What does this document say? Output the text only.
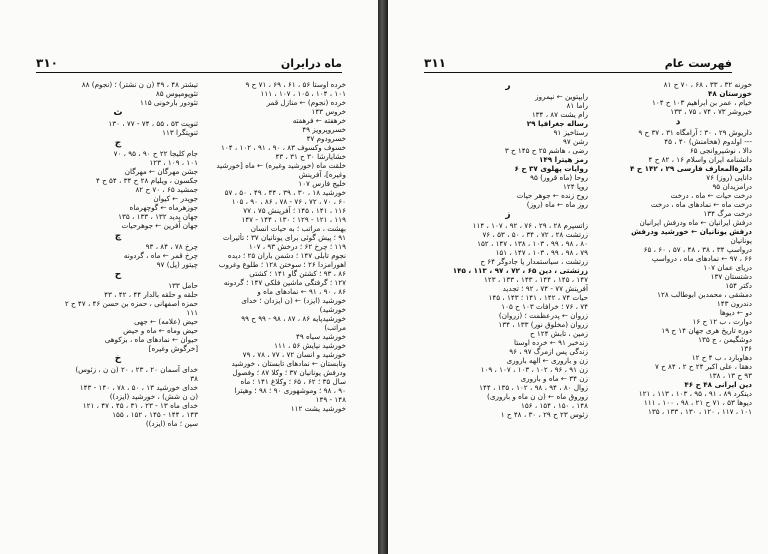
۳۱۰	ماه درایران
خرده اوستا ۵۶ ، ۶۱ ، ۶۹ ، ۷۱ ح ۹
۱۰۱ ، ۱۰۴ ، ۱۰۵ ، ۱۰۷ ، ۱۱۱
خرده (نجوم) ← منازل قمر
خروس ۱۴۳
خرهفته ← فرهفته
خسروپرویز ۴۹
خسرودوم ۴۷
خسوف وکسوف ۸۳ ، ۹۰ ، ۹۱ ، ۱۰۲ ، ۱۰۴
خشایارشا ۳۰ ح ۳۱ ، ۴۳
خلقت ماه (خورشید وغیره) ← ماه [خورشید
وغیره]، آفرینش
خلیج فارس ۱۰۷
خورشید ۱۸ ، ۳۰ ، ۳۹ ، ۴۴ ، ۴۹ ، ۵۰ ، ۵۷
۶۰ ، ۷۰ ، ۷۲ ، ۷۶ - ۷۸ ، ۸۶ ، ۹۰ ، ۱۰۵
۱۱۶ ، ۱۴۱ ، ۱۴۵ ؛ آفرینش ۷۵ ، ۷۷
۱۱۹ ، ۱۲۱ - ۱۲۹ ؛ ۱۳۰ ، ۱۴۴ - ۱۴۷
بهشت ، مراتب ؛ به حیات انسان
۹۱ ؛ پیش گوئی برای یونانیان ۳۷ ؛ تأثیرات
۱۱۹ ؛ چرخ ۶۲ ؛ درخش ۹۳ ، ۱۰۷
نجوم تابلی ۱۴۷ ؛ دشمن باران ۲۵ ؛ دیده
اهورامزدا ۲۶ ؛ سوختن ۱۲۸ ؛ طلوع وغروب
۸۶ ، ۹۳ ؛ کشتن گاو ۱۴۱ ؛ کشتی
۱۲۷ ؛ گرفتگی ماشین فلکی ۱۴۷ ؛ گردونه
۸۶ ، ۹۰ ، ۹۱ ← نمادهای ماه و
خورشید (ایزد) ← (ن ایزدان ؛ خدای
خورشید)
خورشیدپایه ۸۶ ، ۸۷ ، ۹۸ - ۹۹ ح ۹۹
مراتب)
خورشید سیاه ۴۹
خورشید نیایش ۵۶ ، ۱۱۱
خورشید و انسان ۷۲ ، ۷۷ ، ۷۸ ، ۷۹
وتابستان ← نمادهای تابستان ، خورشید
ودرفش یونانیان ۳۷ ؛ وکلا ۸۷ ؛ وفصول
سال ۳۵ ؛ ۶۲ ، ۶۵ ؛ وکلاغ ۱۴۱ ؛ ماه
۹۰ ، ۹۸ ؛ وموشهوری ۹۰ ؛ ۹۸ ؛ وهیترا
۱۴۸ - ۱۴۹
خورشید یشت ۱۱۲
تیشتر ۴۸ ، ۴۹ (ن ن نشتر) ؛ (نجوم) ۸۸
تئوپومپوس ۸۵
تئودور بارخونی ۱۱۵
ث
ثنویت ۵۳ ، ۵۵ ، ۷۴ - ۷۷ ، ۱۳۰
ثنویتگرا ۱۱۳
ج
جام کلیجا ۲۲ ح ۹۰ ، ۹۵ ، ۷۰
۱۰۱ ، ۱۰۹ ، ۱۲۳
جشن مهرگان ← مهرگان
جکسون ، ویلیام ۲۸ ح ۳۴ ، ۵۴ ح ۴
جمشید ۶۵ ، ۷۰ ح ۸۲
جوپدر ← کیوان
جوزهرماه ← گوچهرماه
جهان پدید ۱۳۲ ، ۱۳۳ ، ۱۳۵
جهان آفرین ← جوهرحیات
چ
چرخ ۷۸ ، ۸۴ ، ۹۳
چرخ قمر ← ماه ، گردونه
چیتور (پل) ۹۷
ح
حامل ۱۳۳
حلقه و حلقه بالدار ۴۴ ، ۴۲ ، ۴۳
حمزه اصفهانی ، حمزه بن حسن ۴۶ ، ۴۷ ح ۲
۱۱۱
حیض (علامه) ← جهی
حیض وماه ← ماه و حیض
حیوان ← نمادهای ماه ، بزکوهی
[خرگوش وغیره]
خ
خدای آسمان ۲۰ ، ۲۳ ، ۲۰ (ن ن ، زئوس)
۳۸
خدای خورشید ۱۳ ، ۵۰ ، ۷۸ ، ۱۴۰ - ۱۴۳
(ن ن شش) ، خورشید (ایزد))
خدای ماه ۱۳ - ۲۳ ، ۳۱ ، ۴۵ ، ۴۷ ، ۱۲۱
۱۴۳ ، ۱۴۴ - ۱۴۵ ، ۱۵۲ ، ۱۵۵
سین ؛ ماه (ایزد))
۳۱۱	فهرست عام
خورنه ۳۲ ، ۳۳ ، ۶۸ ، ۷۰ ح ۸۱
خوزستان ۴۸
خیام ، عمر بن ابراهیم ۱۰۳ ح ۱۰۴
خیروشر ۷۳ ، ۷۴ ، ۷۵ ، ۱۳۳
د
داریوش ۲۹ ، ۳۰ ؛ آرامگاه ۳۱ ، ۳۷ ح ۹
--- اولدوم (هخامنش) ۴۰ ، ۴۵
دالا ، نوشیروانجی ۶۵
دانشنامه ایران واسلام ۱۶ ، ۸۲ ح ۴
دائرةالمعارف فارسی ۲۹ ، ۱۴۲ ح ۴
دانایی (روز) ۷۶
درامزیدان ۹۵
درخت حیات ← ماه ، درخت
درخت ماه ← نمادهای ماه ، درخت
درخت مرگ ۱۳۴
درفش ایرانیان ← ماه ودرفش ایرانیان
درفش یونانیان ← خورشید ودرفش
یونانیان
درواسپ ۳۴ ، ۳۸ ، ۴۸ ، ۵۷ ، ۶۰ ، ۶۵
۶۶ ، ۹۷ ← نمادهای ماه ، درواسپ
دریای عمان ۱۰۷
دشتستان ۱۳۷
دکتر ۱۵۴
دمشقی ، محمدبن ابوطالب ۱۲۸
دندرون ۱۴۳
دو ← دیوها
دوارت ، ب ۱۲ ح ۱۶
دوره تاریخ هری جهان ۱۴ ح ۱۹
دوشگیمن ، ج ۱۳۵
۱۳۶
دهاوبارد ، ب ۴ ح ۱۲
دهقا ، علی اکبر ۲۴ ح ۲ ، ۸۴ ح ۷
۹۳ ح ۱۳ ، ۱۳۸
دین ایرانی ۴۸ ح ۴۶
دینکرد ۸۹ ، ۹۱ ، ۹۵ ، ۱۰۳ ، ۱۱۳ ، ۱۲۱
دیوها ۵۳ ، ۷۱ ح ۲۱ ، ۹۸ ، ۱۰۰ ، ۱۱۱
۱۰۱ ، ۱۱۷ ، ۱۲۰ ، ۱۳۰ ، ۱۳۳ ، ۱۳۵
ر
رایپتوین ← نیمروز
راما ۸۱
رام یشت ۸۷ ، ۱۳۴
رساله جغرافیا ۲۹
رستاخیز ۹۱
رشن ۹۷
رضی ، هاشم ۲۵ ح ۱۴۵ ح ۳
رمز هیترا ۱۴۹
روایات پهلوی ۳۷ ح ۶
روحا (ماه قرور) ۹۵
روپا ۱۲۴
روح زنده ← جوهر حیات
روز ماه ← ماه (روز)
ز
زاتسپرم ۲۸ ، ۲۹ ، ۷۶ ، ۹۲ ، ۱۰۷ ، ۱۱۴
زرتشت ۲۸ ، ۷۲ ، ۳۴ ، ۵۰ ، ۵۳ ، ۷۶
۸۰ ، ۹۸ ، ۹۹ ، ۱۰۳ ، ۱۳۸ ، ۱۴۷ ، ۱۵۲
۷۹ ، ۹۸ ، ۹۹ ، ۱۰۳ ، ۱۴۷ ، ۱۵۱
زرتشت ، سیاستمدار یا جادوگر ۶۴ ح
زرتشتی ، دین ۶۵ ، ۷۲ ، ۹۷ ، ۱۱۳ ، ۱۴۵
۱۴۷ ، ۱۴۵ ، ۱۴۴ ، ۱۴۳ ، ۱۳۳ ، ۱۲۳
آفرینش ۷۷ - ۷۴ ، ۹۲ ؛ تجدید
حیات ۷۴ ، ۱۴۲ ، ۱۴۱ ؛ ۱۴۳ ، ۱۴۵
۷۴ ، ۷۶ ؛ خرافات ۱۰۳ ح ۱۰۵
زروان ← پدرعظمت ؛ (زروان)
زروان (مخلوق نور) ۱۳۳ ، ۱۳۴
زمین ، تابش ۱۲۴ ح
زندخبر ۹۱ ← خرده اوستا
زندگی پس ازمرگ ۹۷ ، ۹۶
زن و باروری ← الهه باروری
زن ۹۱ ، ۹۶ ، ۱۰۲ ، ۱۰۳ ، ۱۰۷ ، ۱۰۹
زن ۳۴ ← ماه و باروری
زوال ۸۰ ، ۹۴ ، ۹۸ ، ۱۰۲ ، ۱۳۵ ، ۱۴۴
زوروق ماه ← (ن ن ماه و باروری)
۱۴۸ ، ۱۵۰ ، ۱۵۴ ، ۱۵۶
زئوس ۲۳ ح ۲۹ ، ۳۰ ، ۴۸ ح ۱
